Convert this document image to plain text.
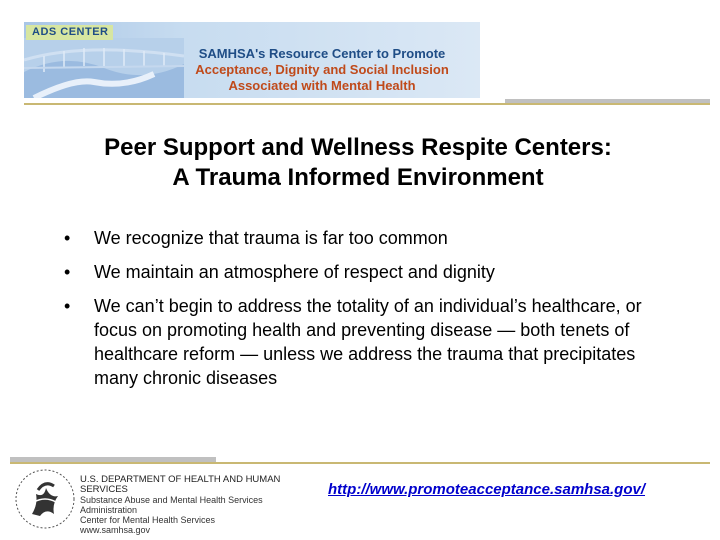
ADS CENTER
SAMHSA's Resource Center to Promote
Acceptance, Dignity and Social Inclusion
Associated with Mental Health
Peer Support and Wellness Respite Centers:
A Trauma Informed Environment
• We recognize that trauma is far too common
• We maintain an atmosphere of respect and dignity
• We can’t begin to address the totality of an individual’s healthcare, or focus on promoting health and preventing disease — both tenets of healthcare reform — unless we address the trauma that precipitates many chronic diseases
U.S. DEPARTMENT OF HEALTH AND HUMAN SERVICES
Substance Abuse and Mental Health Services Administration
Center for Mental Health Services
www.samhsa.gov
http://www.promoteacceptance.samhsa.gov/
